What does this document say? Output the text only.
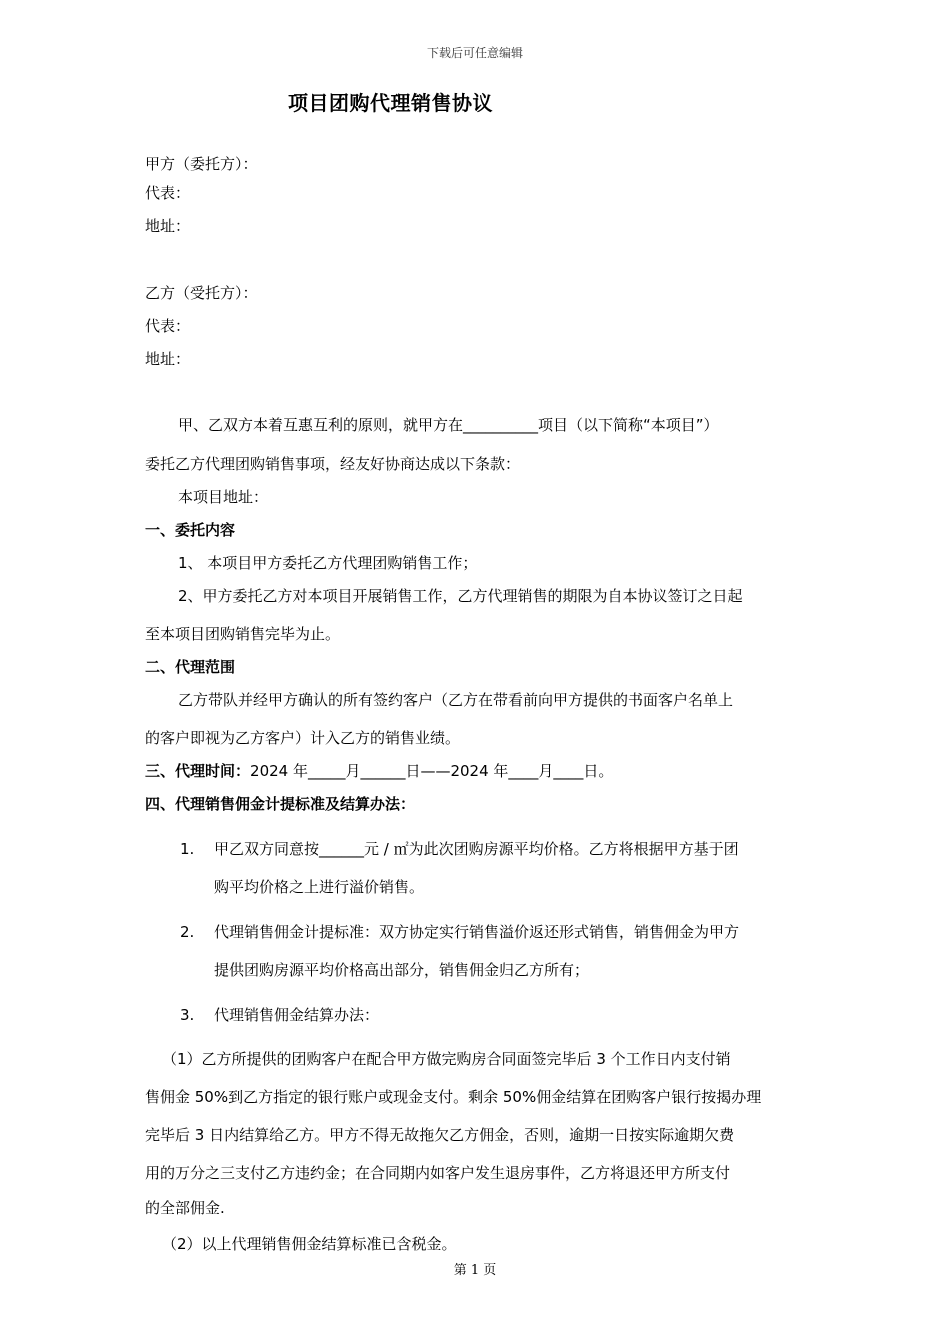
下载后可任意编辑
项目团购代理销售协议
甲方（委托方）：
代表：
地址：
乙方（受托方）：
代表：
地址：
甲、乙双方本着互惠互利的原则，就甲方在__________项目（以下简称“本项目”）
委托乙方代理团购销售事项，经友好协商达成以下条款：
本项目地址：
一、委托内容
1、 本项目甲方委托乙方代理团购销售工作；
2、甲方委托乙方对本项目开展销售工作，乙方代理销售的期限为自本协议签订之日起
至本项目团购销售完毕为止。
二、代理范围
乙方带队并经甲方确认的所有签约客户（乙方在带看前向甲方提供的书面客户名单上
的客户即视为乙方客户）计入乙方的销售业绩。
三、代理时间：2024 年_____月______日——2024 年____月____日。
四、代理销售佣金计提标准及结算办法：
1. 甲乙双方同意按______元 / ㎡为此次团购房源平均价格。乙方将根据甲方基于团
购平均价格之上进行溢价销售。
2. 代理销售佣金计提标准：双方协定实行销售溢价返还形式销售，销售佣金为甲方
提供团购房源平均价格高出部分，销售佣金归乙方所有；
3. 代理销售佣金结算办法：
（1）乙方所提供的团购客户在配合甲方做完购房合同面签完毕后 3 个工作日内支付销
售佣金 50%到乙方指定的银行账户或现金支付。剩余 50%佣金结算在团购客户银行按揭办理
完毕后 3 日内结算给乙方。甲方不得无故拖欠乙方佣金，否则，逾期一日按实际逾期欠费
用的万分之三支付乙方违约金；在合同期内如客户发生退房事件，乙方将退还甲方所支付
的全部佣金.
（2）以上代理销售佣金结算标准已含税金。
第 1 页
